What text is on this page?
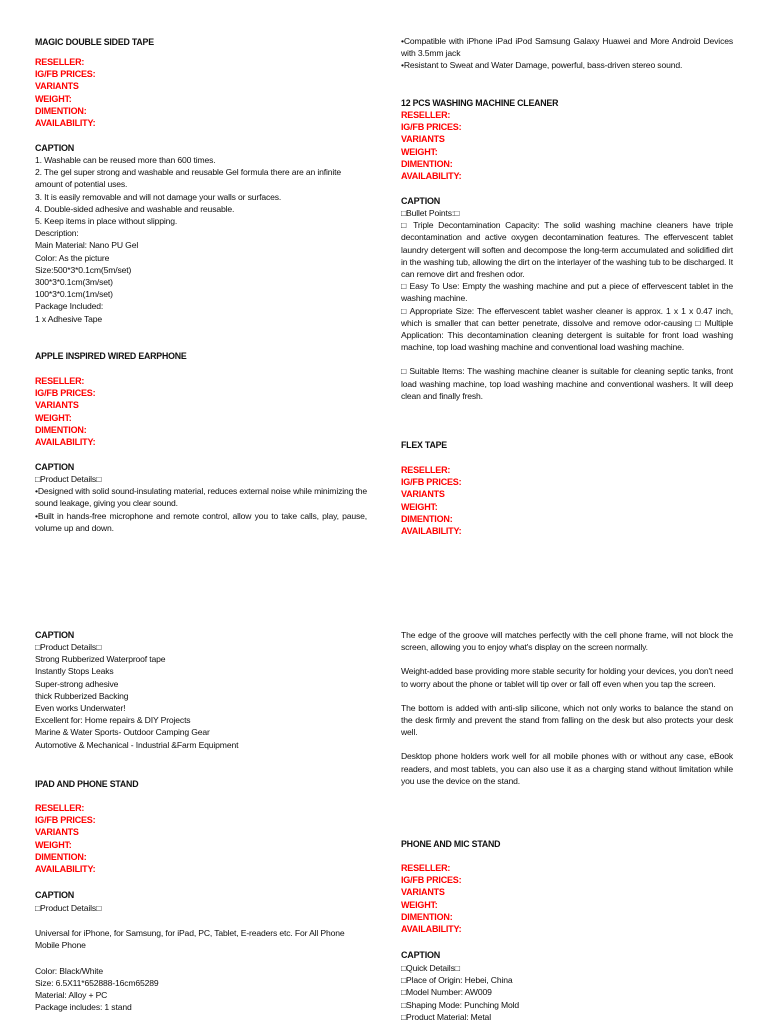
MAGIC DOUBLE SIDED TAPE
RESELLER:
IG/FB PRICES:
VARIANTS
WEIGHT:
DIMENTION:
AVAILABILITY:
CAPTION
1. Washable can be reused more than 600 times.
2. The gel super strong and washable and reusable Gel formula there are an infinite amount of potential uses.
3. It is easily removable and will not damage your walls or surfaces.
4. Double-sided adhesive and washable and reusable.
5. Keep items in place without slipping.
Description:
Main Material: Nano PU Gel
Color: As the picture
Size:500*3*0.1cm(5m/set)
300*3*0.1cm(3m/set)
100*3*0.1cm(1m/set)
Package Included:
1 x Adhesive Tape
APPLE INSPIRED WIRED EARPHONE
RESELLER:
IG/FB PRICES:
VARIANTS
WEIGHT:
DIMENTION:
AVAILABILITY:
CAPTION
□Product Details□
•Designed with solid sound-insulating material, reduces external noise while minimizing the sound leakage, giving you clear sound.
•Built in hands-free microphone and remote control, allow you to take calls, play, pause, volume up and down.
•Compatible with iPhone iPad iPod Samsung Galaxy Huawei and More Android Devices with 3.5mm jack
•Resistant to Sweat and Water Damage, powerful, bass-driven stereo sound.
12 PCS WASHING MACHINE CLEANER
RESELLER:
IG/FB PRICES:
VARIANTS
WEIGHT:
DIMENTION:
AVAILABILITY:
CAPTION
□Bullet Points:□
□ Triple Decontamination Capacity: The solid washing machine cleaners have triple decontamination and active oxygen decontamination features. The effervescent tablet laundry detergent will soften and decompose the long-term accumulated and solidified dirt in the washing tub, allowing the dirt on the interlayer of the washing tub to be discharged. It can remove dirt and freshen odor.
□ Easy To Use: Empty the washing machine and put a piece of effervescent tablet in the washing machine.
□ Appropriate Size: The effervescent tablet washer cleaner is approx. 1 x 1 x 0.47 inch, which is smaller that can better penetrate, dissolve and remove odor-causing □ Multiple Application: This decontamination cleaning detergent is suitable for front load washing machine, top load washing machine and conventional load washing machine.
□ Suitable Items: The washing machine cleaner is suitable for cleaning septic tanks, front load washing machine, top load washing machine and conventional washers. It will deep clean and finally fresh.
FLEX TAPE
RESELLER:
IG/FB PRICES:
VARIANTS
WEIGHT:
DIMENTION:
AVAILABILITY:
CAPTION
□Product Details□
Strong Rubberized Waterproof tape
Instantly Stops Leaks
Super-strong adhesive
thick Rubberized Backing
Even works Underwater!
Excellent for: Home repairs & DIY Projects
Marine & Water Sports- Outdoor Camping Gear
Automotive & Mechanical - Industrial &Farm Equipment
IPAD AND PHONE STAND
RESELLER:
IG/FB PRICES:
VARIANTS
WEIGHT:
DIMENTION:
AVAILABILITY:
CAPTION
□Product Details□
Universal for iPhone, for Samsung, for iPad, PC, Tablet, E-readers etc. For All Phone Mobile Phone
Color: Black/White
Size: 6.5X11*652888-16cm65289
Material: Alloy + PC
Package includes: 1 stand
The edge of the groove will matches perfectly with the cell phone frame, will not block the screen, allowing you to enjoy what's display on the screen normally.
Weight-added base providing more stable security for holding your devices, you don't need to worry about the phone or tablet will tip over or fall off even when you tap the screen.
The bottom is added with anti-slip silicone, which not only works to balance the stand on the desk firmly and prevent the stand from falling on the desk but also protects your desk well.
Desktop phone holders work well for all mobile phones with or without any case, eBook readers, and most tablets, you can also use it as a charging stand without limitation while you use the device on the stand.
PHONE AND MIC STAND
RESELLER:
IG/FB PRICES:
VARIANTS
WEIGHT:
DIMENTION:
AVAILABILITY:
CAPTION
□Quick Details□
□Place of Origin: Hebei, China
□Model Number: AW009
□Shaping Mode: Punching Mold
□Product Material: Metal
